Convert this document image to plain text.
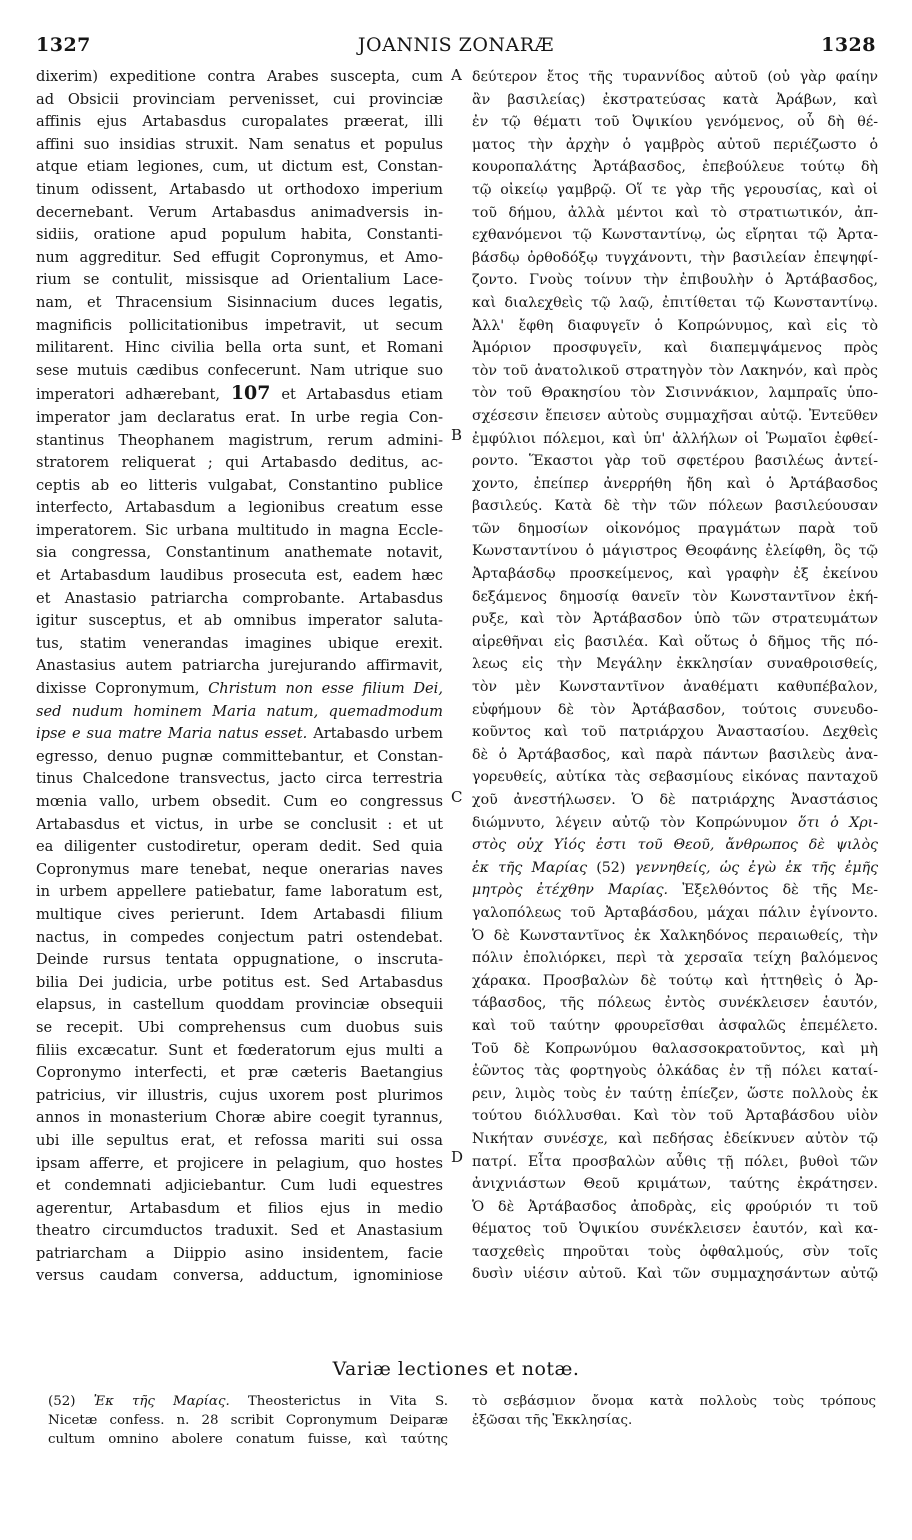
1327	JOANNIS ZONARÆ	1328
A
B
C
D
dixerim) expeditione contra Arabes suscepta, cum
ad Obsicii provinciam pervenisset, cui provinciæ
affinis ejus Artabasdus curopalates præerat, illi
affini suo insidias struxit. Nam senatus et populus
atque etiam legiones, cum, ut dictum est, Constan-
tinum odissent, Artabasdo ut orthodoxo imperium
decernebant. Verum Artabasdus animadversis in-
sidiis, oratione apud populum habita, Constanti-
num aggreditur. Sed effugit Copronymus, et Amo-
rium se contulit, missisque ad Orientalium Lace-
nam, et Thracensium Sisinnacium duces legatis,
magnificis pollicitationibus impetravit, ut secum
militarent. Hinc civilia bella orta sunt, et Romani
sese mutuis cædibus confecerunt. Nam utrique suo
imperatori adhærebant, 107 et Artabasdus etiam
imperator jam declaratus erat. In urbe regia Con-
stantinus Theophanem magistrum, rerum admini-
stratorem reliquerat ; qui Artabasdo deditus, ac-
ceptis ab eo litteris vulgabat, Constantino publice
interfecto, Artabasdum a legionibus creatum esse
imperatorem. Sic urbana multitudo in magna Eccle-
sia congressa, Constantinum anathemate notavit,
et Artabasdum laudibus prosecuta est, eadem hæc
et Anastasio patriarcha comprobante. Artabasdus
igitur susceptus, et ab omnibus imperator saluta-
tus, statim venerandas imagines ubique erexit.
Anastasius autem patriarcha jurejurando affirmavit,
dixisse Copronymum, Christum non esse filium Dei,
sed nudum hominem Maria natum, quemadmodum
ipse e sua matre Maria natus esset. Artabasdo urbem
egresso, denuo pugnæ committebantur, et Constan-
tinus Chalcedone transvectus, jacto circa terrestria
mœnia vallo, urbem obsedit. Cum eo congressus
Artabasdus et victus, in urbe se conclusit : et ut
ea diligenter custodiretur, operam dedit. Sed quia
Copronymus mare tenebat, neque onerarias naves
in urbem appellere patiebatur, fame laboratum est,
multique cives perierunt. Idem Artabasdi filium
nactus, in compedes conjectum patri ostendebat.
Deinde rursus tentata oppugnatione, o inscruta-
bilia Dei judicia, urbe potitus est. Sed Artabasdus
elapsus, in castellum quoddam provinciæ obsequii
se recepit. Ubi comprehensus cum duobus suis
filiis excæcatur. Sunt et fœderatorum ejus multi a
Copronymo interfecti, et præ cæteris Baetangius
patricius, vir illustris, cujus uxorem post plurimos
annos in monasterium Choræ abire coegit tyrannus,
ubi ille sepultus erat, et refossa mariti sui ossa
ipsam afferre, et projicere in pelagium, quo hostes
et condemnati adjiciebantur. Cum ludi equestres
agerentur, Artabasdum et filios ejus in medio
theatro circumductos traduxit. Sed et Anastasium
patriarcham a Diippio asino insidentem, facie
versus caudam conversa, adductum, ignominiose
δεύτερον ἔτος τῆς τυραννίδος αὐτοῦ (οὐ γὰρ φαίην
ἂν βασιλείας) ἐκστρατεύσας κατὰ Ἀράβων, καὶ
ἐν τῷ θέματι τοῦ Ὀψικίου γενόμενος, οὗ δὴ θέ-
ματος τὴν ἀρχὴν ὁ γαμβρὸς αὐτοῦ περιέζωστο ὁ
κουροπαλάτης Ἀρτάβασδος, ἐπεβούλευε τούτῳ δὴ
τῷ οἰκείῳ γαμβρῷ. Οἵ τε γὰρ τῆς γερουσίας, καὶ οἱ
τοῦ δήμου, ἀλλὰ μέντοι καὶ τὸ στρατιωτικόν, ἀπ-
εχθανόμενοι τῷ Κωνσταντίνῳ, ὡς εἴρηται τῷ Ἀρτα-
βάσδῳ ὀρθοδόξῳ τυγχάνοντι, τὴν βασιλείαν ἐπεψηφί-
ζοντο. Γνοὺς τοίνυν τὴν ἐπιβουλὴν ὁ Ἀρτάβασδος,
καὶ διαλεχθεὶς τῷ λαῷ, ἐπιτίθεται τῷ Κωνσταντίνῳ.
Ἀλλ' ἔφθη διαφυγεῖν ὁ Κοπρώνυμος, καὶ εἰς τὸ
Ἀμόριον προσφυγεῖν, καὶ διαπεμψάμενος πρὸς
τὸν τοῦ ἀνατολικοῦ στρατηγὸν τὸν Λακηνόν, καὶ πρὸς
τὸν τοῦ Θρακησίου τὸν Σισιννάκιον, λαμπραῖς ὑπο-
σχέσεσιν ἔπεισεν αὐτοὺς συμμαχῆσαι αὐτῷ. Ἐντεῦθεν
ἐμφύλιοι πόλεμοι, καὶ ὑπ' ἀλλήλων οἱ Ῥωμαῖοι ἐφθεί-
ροντο. Ἕκαστοι γὰρ τοῦ σφετέρου βασιλέως ἀντεί-
χοντο, ἐπείπερ ἀνερρήθη ἤδη καὶ ὁ Ἀρτάβασδος
βασιλεύς. Κατὰ δὲ τὴν τῶν πόλεων βασιλεύουσαν
τῶν δημοσίων οἰκονόμος πραγμάτων παρὰ τοῦ
Κωνσταντίνου ὁ μάγιστρος Θεοφάνης ἐλείφθη, ὃς τῷ
Ἀρταβάσδῳ προσκείμενος, καὶ γραφὴν ἐξ ἐκείνου
δεξάμενος δημοσίᾳ θανεῖν τὸν Κωνσταντῖνον ἐκή-
ρυξε, καὶ τὸν Ἀρτάβασδον ὑπὸ τῶν στρατευμάτων
αἱρεθῆναι εἰς βασιλέα. Καὶ οὕτως ὁ δῆμος τῆς πό-
λεως εἰς τὴν Μεγάλην ἐκκλησίαν συναθροισθείς,
τὸν μὲν Κωνσταντῖνον ἀναθέματι καθυπέβαλον,
εὐφήμουν δὲ τὸν Ἀρτάβασδον, τούτοις συνευδο-
κοῦντος καὶ τοῦ πατριάρχου Ἀναστασίου. Δεχθεὶς
δὲ ὁ Ἀρτάβασδος, καὶ παρὰ πάντων βασιλεὺς ἀνα-
γορευθείς, αὐτίκα τὰς σεβασμίους εἰκόνας πανταχοῦ
χοῦ ἀνεστήλωσεν. Ὁ δὲ πατριάρχης Ἀναστάσιος
διώμνυτο, λέγειν αὐτῷ τὸν Κοπρώνυμον ὅτι ὁ Χρι-
στὸς οὐχ Υἱός ἐστι τοῦ Θεοῦ, ἄνθρωπος δὲ ψιλὸς
ἐκ τῆς Μαρίας (52) γεννηθείς, ὡς ἐγὼ ἐκ τῆς ἐμῆς
μητρὸς ἐτέχθην Μαρίας. Ἐξελθόντος δὲ τῆς Με-
γαλοπόλεως τοῦ Ἀρταβάσδου, μάχαι πάλιν ἐγίνοντο.
Ὁ δὲ Κωνσταντῖνος ἐκ Χαλκηδόνος περαιωθείς, τὴν
πόλιν ἐπολιόρκει, περὶ τὰ χερσαῖα τείχη βαλόμενος
χάρακα. Προσβαλὼν δὲ τούτῳ καὶ ἡττηθεὶς ὁ Ἀρ-
τάβασδος, τῆς πόλεως ἐντὸς συνέκλεισεν ἑαυτόν,
καὶ τοῦ ταύτην φρουρεῖσθαι ἀσφαλῶς ἐπεμέλετο.
Τοῦ δὲ Κοπρωνύμου θαλασσοκρατοῦντος, καὶ μὴ
ἐῶντος τὰς φορτηγοὺς ὁλκάδας ἐν τῇ πόλει καταί-
ρειν, λιμὸς τοὺς ἐν ταύτῃ ἐπίεζεν, ὥστε πολλοὺς ἐκ
τούτου διόλλυσθαι. Καὶ τὸν τοῦ Ἀρταβάσδου υἱὸν
Νικήταν συνέσχε, καὶ πεδήσας ἐδείκνυεν αὐτὸν τῷ
πατρί. Εἶτα προσβαλὼν αὖθις τῇ πόλει, βυθοὶ τῶν
ἀνιχνιάστων Θεοῦ κριμάτων, ταύτης ἐκράτησεν.
Ὁ δὲ Ἀρτάβασδος ἀποδρὰς, εἰς φρούριόν τι τοῦ
θέματος τοῦ Ὀψικίου συνέκλεισεν ἑαυτόν, καὶ κα-
τασχεθεὶς πηροῦται τοὺς ὀφθαλμούς, σὺν τοῖς
δυσὶν υἱέσιν αὐτοῦ. Καὶ τῶν συμμαχησάντων αὐτῷ
Variæ lectiones et notæ.
(52) Ἐκ τῆς Μαρίας. Theosterictus in Vita S.
Nicetæ confess. n. 28 scribit Copronymum Deiparæ
cultum omnino abolere conatum fuisse, καὶ ταύτης
τὸ σεβάσμιον ὄνομα κατὰ πολλοὺς τοὺς τρόπους
ἐξῶσαι τῆς Ἐκκλησίας.
